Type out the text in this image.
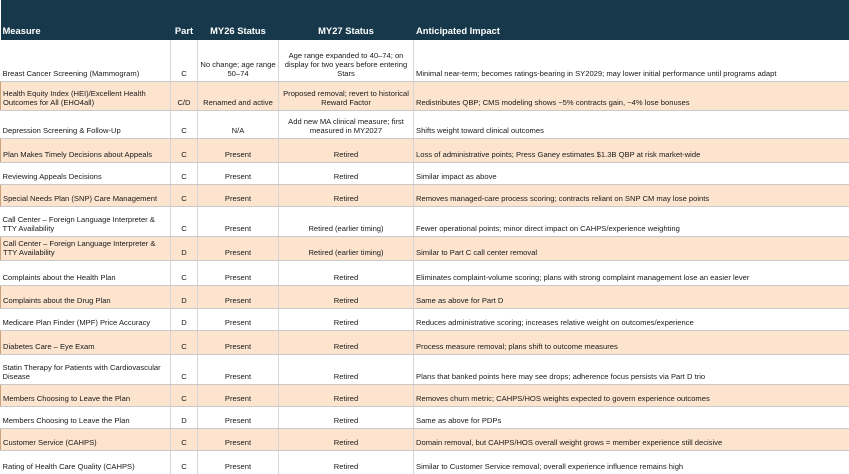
Measure	Part	MY26 Status	MY27 Status	Anticipated Impact
Breast Cancer Screening (Mammogram)	C	No change; age range 50–74	Age range expanded to 40–74; on display for two years before entering Stars	Minimal near-term; becomes ratings-bearing in SY2029; may lower initial performance until programs adapt
Health Equity Index (HEI)/Excellent Health Outcomes for All (EHO4all)	C/D	Renamed and active	Proposed removal; revert to historical Reward Factor	Redistributes QBP; CMS modeling shows ~5% contracts gain, ~4% lose bonuses
Depression Screening & Follow-Up	C	N/A	Add new MA clinical measure; first measured in MY2027	Shifts weight toward clinical outcomes
Plan Makes Timely Decisions about Appeals	C	Present	Retired	Loss of administrative points; Press Ganey estimates $1.3B QBP at risk market-wide
Reviewing Appeals Decisions	C	Present	Retired	Similar impact as above
Special Needs Plan (SNP) Care Management	C	Present	Retired	Removes managed-care process scoring; contracts reliant on SNP CM may lose points
Call Center – Foreign Language Interpreter & TTY Availability	C	Present	Retired (earlier timing)	Fewer operational points; minor direct impact on CAHPS/experience weighting
Call Center – Foreign Language Interpreter & TTY Availability	D	Present	Retired (earlier timing)	Similar to Part C call center removal
Complaints about the Health Plan	C	Present	Retired	Eliminates complaint-volume scoring; plans with strong complaint management lose an easier lever
Complaints about the Drug Plan	D	Present	Retired	Same as above for Part D
Medicare Plan Finder (MPF) Price Accuracy	D	Present	Retired	Reduces administrative scoring; increases relative weight on outcomes/experience
Diabetes Care – Eye Exam	C	Present	Retired	Process measure removal; plans shift to outcome measures
Statin Therapy for Patients with Cardiovascular Disease	C	Present	Retired	Plans that banked points here may see drops; adherence focus persists via Part D trio
Members Choosing to Leave the Plan	C	Present	Retired	Removes churn metric; CAHPS/HOS weights expected to govern experience outcomes
Members Choosing to Leave the Plan	D	Present	Retired	Same as above for PDPs
Customer Service (CAHPS)	C	Present	Retired	Domain removal, but CAHPS/HOS overall weight grows = member experience still decisive
Rating of Health Care Quality (CAHPS)	C	Present	Retired	Similar to Customer Service removal; overall experience influence remains high
